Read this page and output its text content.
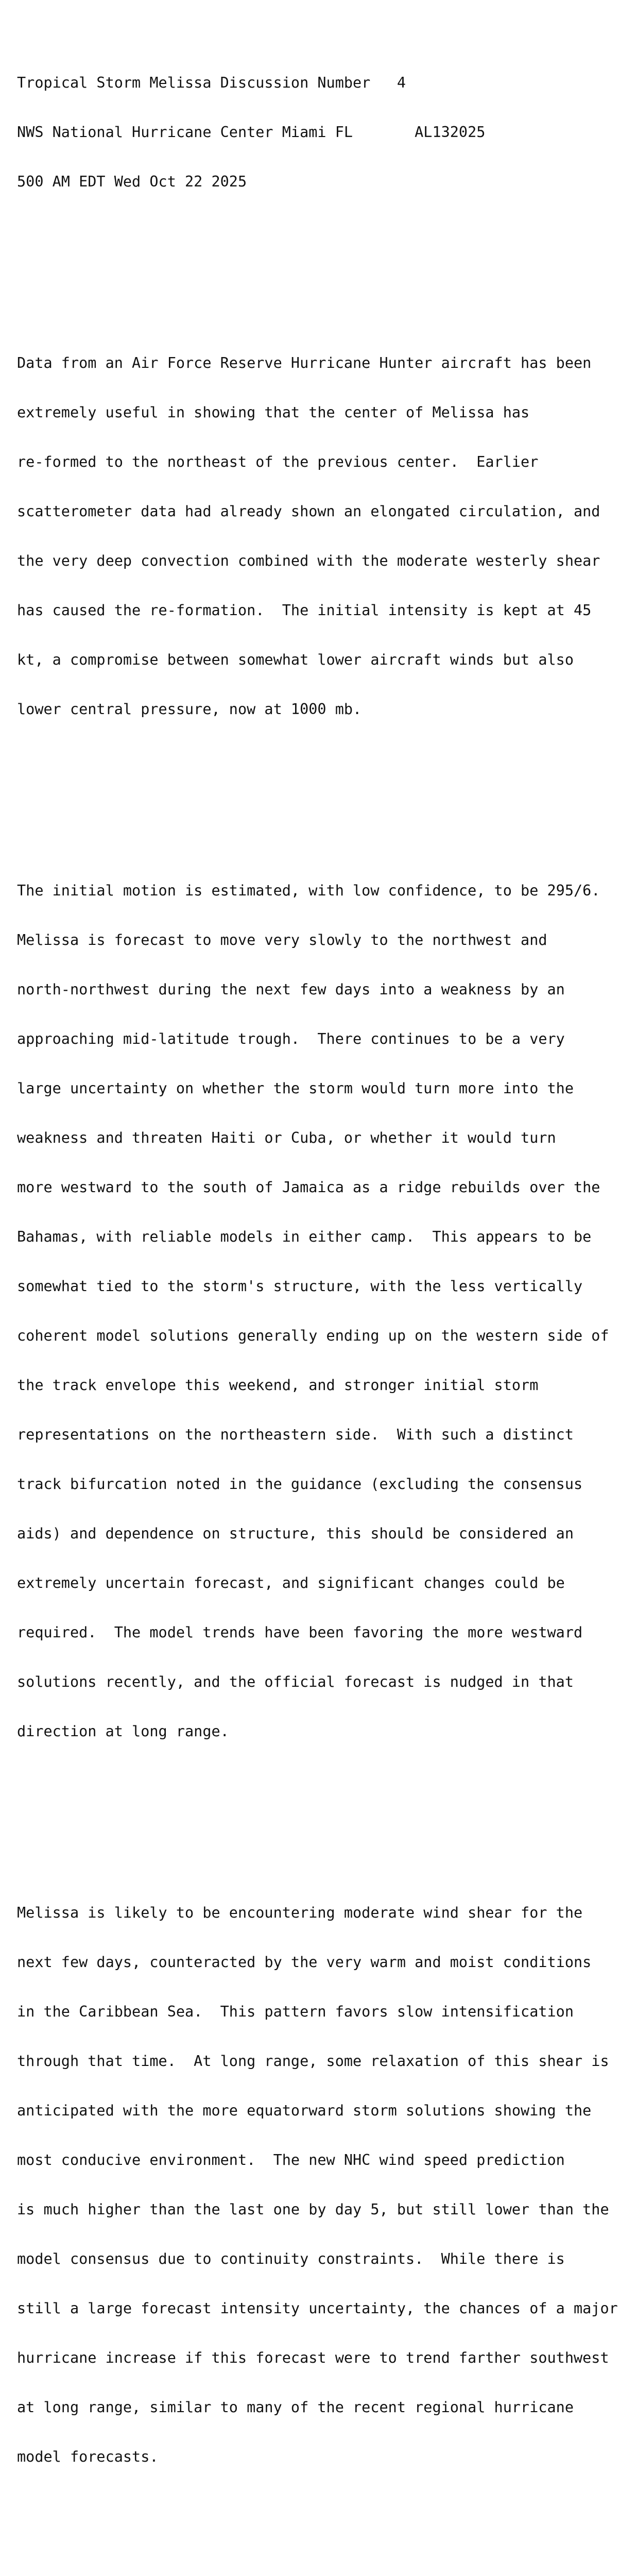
Tropical Storm Melissa Discussion Number   4

NWS National Hurricane Center Miami FL       AL132025

500 AM EDT Wed Oct 22 2025

Data from an Air Force Reserve Hurricane Hunter aircraft has been

extremely useful in showing that the center of Melissa has

re-formed to the northeast of the previous center.  Earlier

scatterometer data had already shown an elongated circulation, and

the very deep convection combined with the moderate westerly shear

has caused the re-formation.  The initial intensity is kept at 45

kt, a compromise between somewhat lower aircraft winds but also

lower central pressure, now at 1000 mb.

The initial motion is estimated, with low confidence, to be 295/6.

Melissa is forecast to move very slowly to the northwest and

north-northwest during the next few days into a weakness by an

approaching mid-latitude trough.  There continues to be a very

large uncertainty on whether the storm would turn more into the

weakness and threaten Haiti or Cuba, or whether it would turn

more westward to the south of Jamaica as a ridge rebuilds over the

Bahamas, with reliable models in either camp.  This appears to be

somewhat tied to the storm's structure, with the less vertically

coherent model solutions generally ending up on the western side of

the track envelope this weekend, and stronger initial storm

representations on the northeastern side.  With such a distinct

track bifurcation noted in the guidance (excluding the consensus

aids) and dependence on structure, this should be considered an

extremely uncertain forecast, and significant changes could be

required.  The model trends have been favoring the more westward

solutions recently, and the official forecast is nudged in that

direction at long range.

Melissa is likely to be encountering moderate wind shear for the

next few days, counteracted by the very warm and moist conditions

in the Caribbean Sea.  This pattern favors slow intensification

through that time.  At long range, some relaxation of this shear is

anticipated with the more equatorward storm solutions showing the

most conducive environment.  The new NHC wind speed prediction

is much higher than the last one by day 5, but still lower than the

model consensus due to continuity constraints.  While there is

still a large forecast intensity uncertainty, the chances of a major

hurricane increase if this forecast were to trend farther southwest

at long range, similar to many of the recent regional hurricane

model forecasts.
